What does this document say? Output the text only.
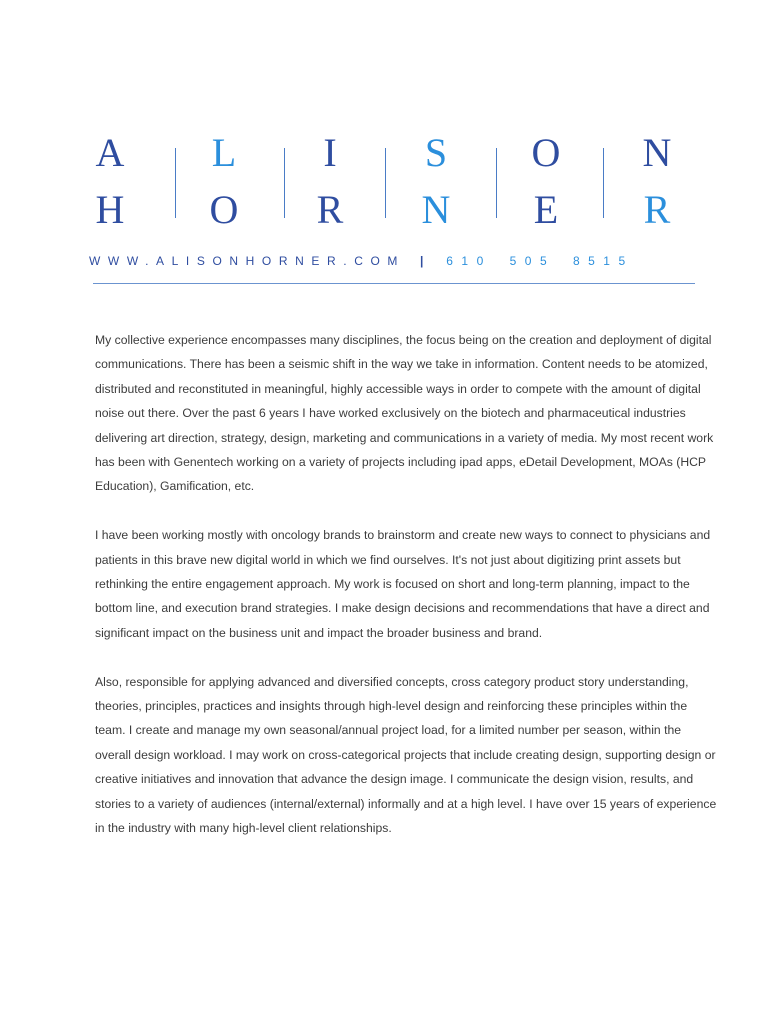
A L I S O N
H O R N E R
WWW.ALISONHORNER.COM | 610 505 8515

My collective experience encompasses many disciplines, the focus being on the creation and deployment of digital communications. There has been a seismic shift in the way we take in information. Content needs to be atomized, distributed and reconstituted in meaningful, highly accessible ways in order to compete with the amount of digital noise out there. Over the past 6 years I have worked exclusively on the biotech and pharmaceutical industries delivering art direction, strategy, design, marketing and communications in a variety of media. My most recent work has been with Genentech working on a variety of projects including ipad apps, eDetail Development, MOAs (HCP Education), Gamification, etc.

I have been working mostly with oncology brands to brainstorm and create new ways to connect to physicians and patients in this brave new digital world in which we find ourselves. It's not just about digitizing print assets but rethinking the entire engagement approach. My work is focused on short and long-term planning, impact to the bottom line, and execution brand strategies. I make design decisions and recommendations that have a direct and significant impact on the business unit and impact the broader business and brand.

Also, responsible for applying advanced and diversified concepts, cross category product story understanding, theories, principles, practices and insights through high-level design and reinforcing these principles within the team. I create and manage my own seasonal/annual project load, for a limited number per season, within the overall design workload. I may work on cross-categorical projects that include creating design, supporting design or creative initiatives and innovation that advance the design image. I communicate the design vision, results, and stories to a variety of audiences (internal/external) informally and at a high level. I have over 15 years of experience in the industry with many high-level client relationships.
